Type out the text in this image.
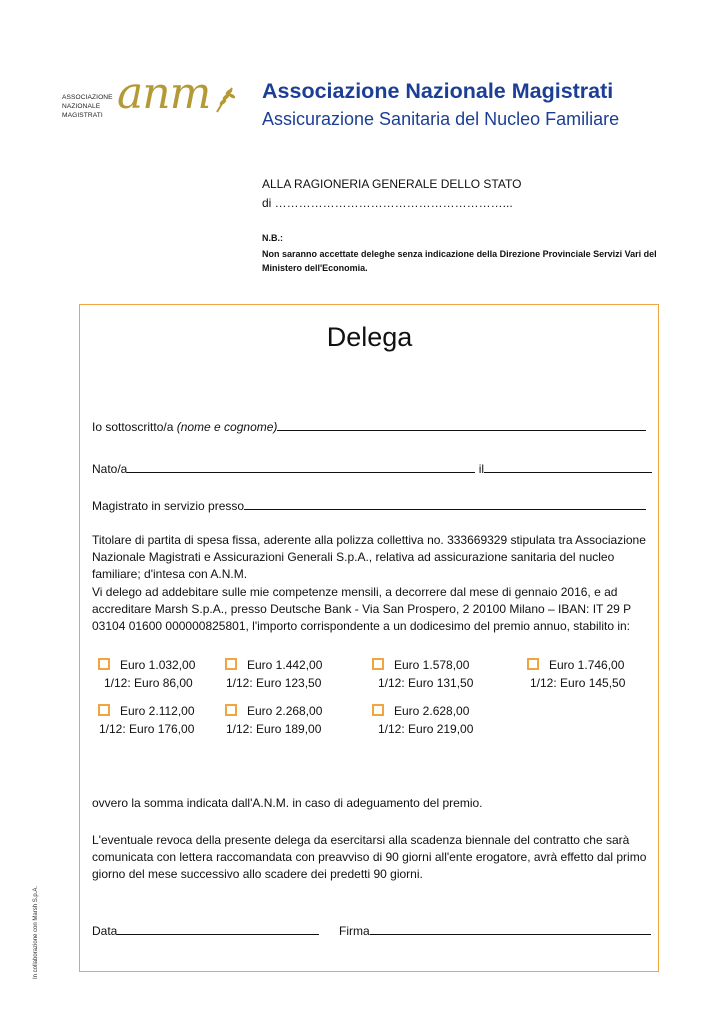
ASSOCIAZIONE
NAZIONALE
MAGISTRATI anm Associazione Nazionale Magistrati
Assicurazione Sanitaria del Nucleo Familiare
ALLA RAGIONERIA GENERALE DELLO STATO
di …………………………………………………...
N.B.:
Non saranno accettate deleghe senza indicazione della Direzione Provinciale Servizi Vari del Ministero dell'Economia.
Delega
Io sottoscritto/a (nome e cognome)
Nato/a	il
Magistrato in servizio presso
Titolare di partita di spesa fissa, aderente alla polizza collettiva no. 333669329 stipulata tra Associazione Nazionale Magistrati e Assicurazioni Generali S.p.A., relativa ad assicurazione sanitaria del nucleo familiare; d'intesa con A.N.M.
Vi delego ad addebitare sulle mie competenze mensili, a decorrere dal mese di gennaio 2016, e ad accreditare Marsh S.p.A., presso Deutsche Bank - Via San Prospero, 2 20100 Milano – IBAN: IT 29 P 03104 01600 000000825801, l'importo corrispondente a un dodicesimo del premio annuo, stabilito in:
Euro 1.032,00
1/12: Euro 86,00
Euro 1.442,00
1/12: Euro 123,50
Euro 1.578,00
1/12: Euro 131,50
Euro 1.746,00
1/12: Euro 145,50
Euro 2.112,00
1/12: Euro 176,00
Euro 2.268,00
1/12: Euro 189,00
Euro 2.628,00
1/12: Euro 219,00
ovvero la somma indicata dall'A.N.M. in caso di adeguamento del premio.
L'eventuale revoca della presente delega da esercitarsi alla scadenza biennale del contratto che sarà comunicata con lettera raccomandata con preavviso di 90 giorni all'ente erogatore, avrà effetto dal primo giorno del mese successivo allo scadere dei predetti 90 giorni.
Data	Firma
In collaborazione con Marsh S.p.A.
